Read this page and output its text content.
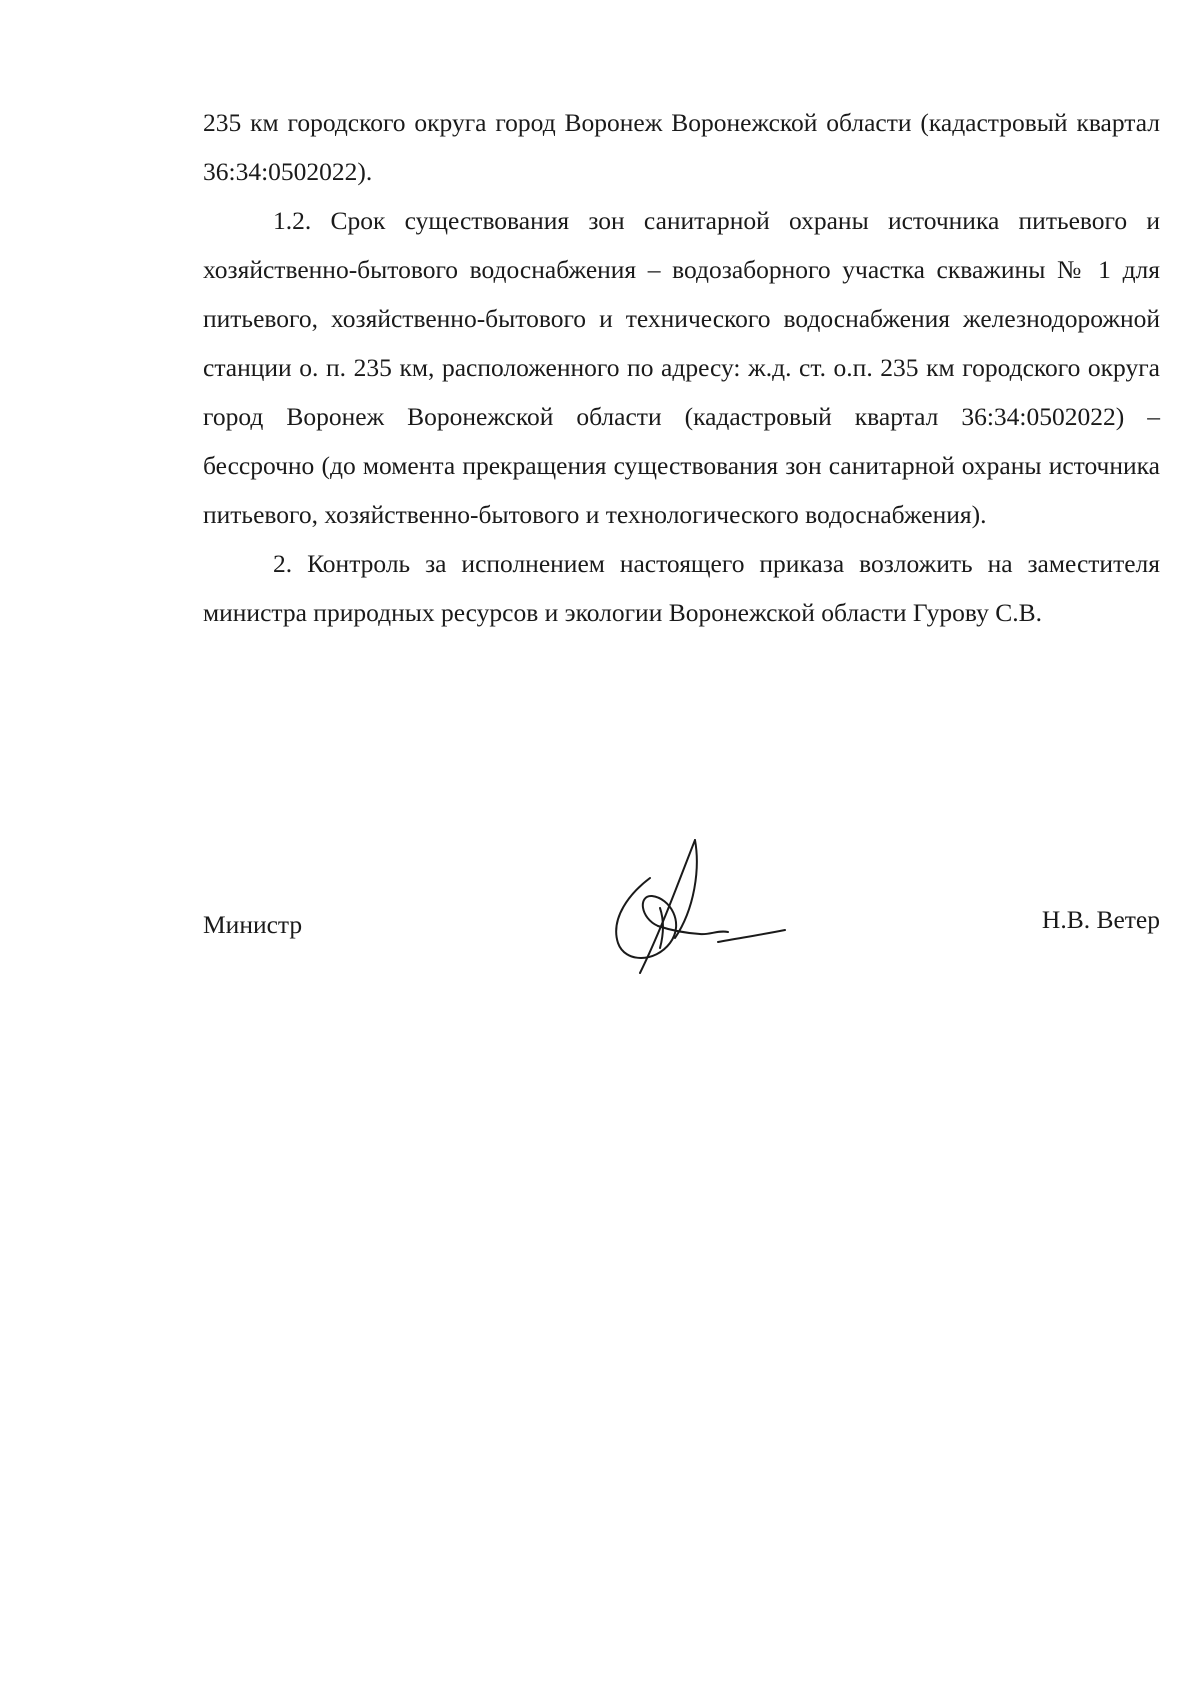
235 км городского округа город Воронеж Воронежской области (кадастровый квартал 36:34:0502022).

1.2. Срок существования зон санитарной охраны источника питьевого и хозяйственно-бытового водоснабжения – водозаборного участка скважины № 1 для питьевого, хозяйственно-бытового и технического водоснабжения железнодорожной станции о. п. 235 км, расположенного по адресу: ж.д. ст. о.п. 235 км городского округа город Воронеж Воронежской области (кадастровый квартал 36:34:0502022) – бессрочно (до момента прекращения существования зон санитарной охраны источника питьевого, хозяйственно-бытового и технологического водоснабжения).

2. Контроль за исполнением настоящего приказа возложить на заместителя министра природных ресурсов и экологии Воронежской области Гурову С.В.

Министр	Н.В. Ветер
